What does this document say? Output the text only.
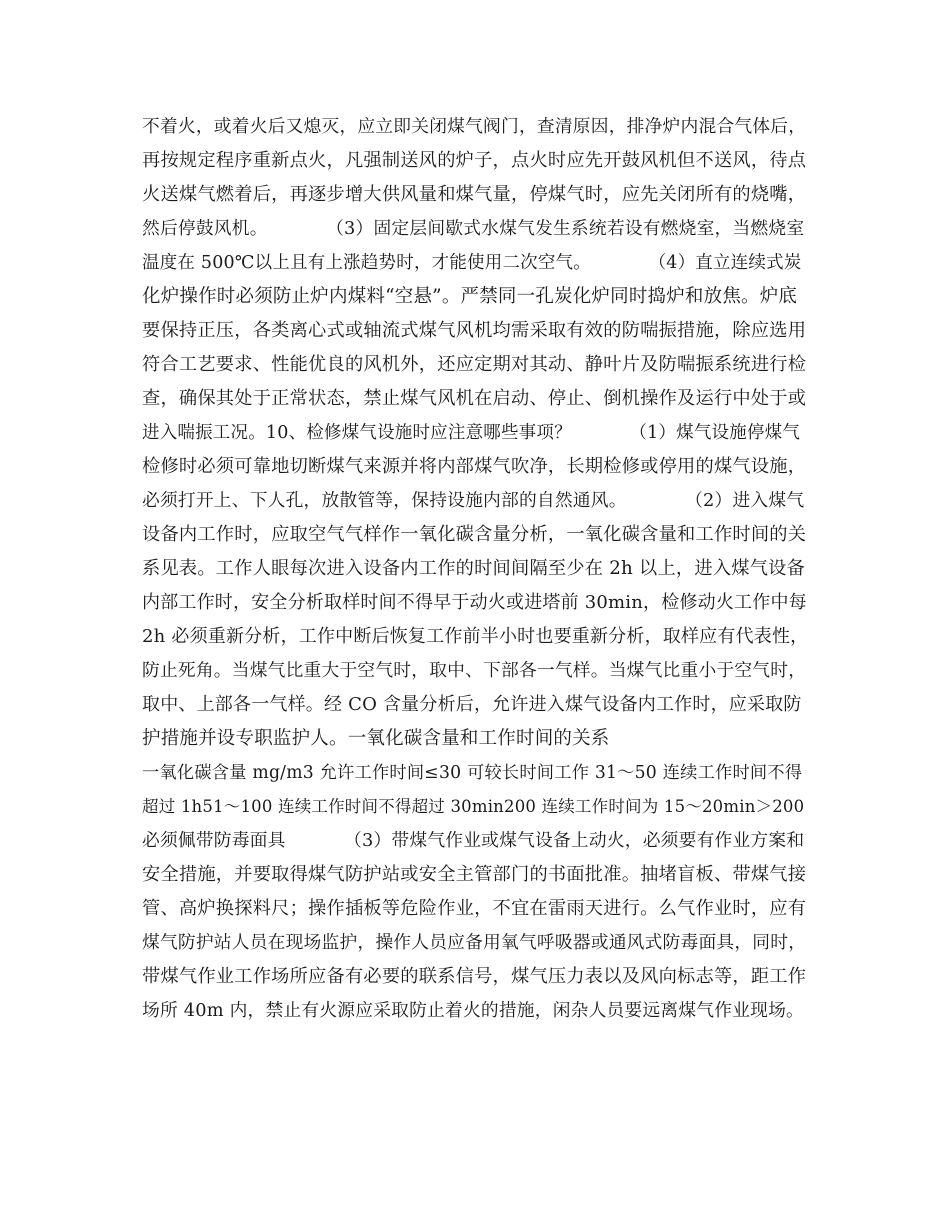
不着火，或着火后又熄灭，应立即关闭煤气阀门，查清原因，排净炉内混合气体后，
再按规定程序重新点火，凡强制送风的炉子，点火时应先开鼓风机但不送风，待点
火送煤气燃着后，再逐步增大供风量和煤气量，停煤气时，应先关闭所有的烧嘴，
然后停鼓风机。          （3）固定层间歇式水煤气发生系统若设有燃烧室，当燃烧室
温度在 500℃以上且有上涨趋势时，才能使用二次空气。          （4）直立连续式炭
化炉操作时必须防止炉内煤料“空悬”。严禁同一孔炭化炉同时捣炉和放焦。炉底
要保持正压，各类离心式或轴流式煤气风机均需采取有效的防喘振措施，除应选用
符合工艺要求、性能优良的风机外，还应定期对其动、静叶片及防喘振系统进行检
查，确保其处于正常状态，禁止煤气风机在启动、停止、倒机操作及运行中处于或
进入喘振工况。10、检修煤气设施时应注意哪些事项？          （1）煤气设施停煤气
检修时必须可靠地切断煤气来源并将内部煤气吹净，长期检修或停用的煤气设施，
必须打开上、下人孔，放散管等，保持设施内部的自然通风。          （2）进入煤气
设备内工作时，应取空气气样作一氧化碳含量分析，一氧化碳含量和工作时间的关
系见表。工作人眼每次进入设备内工作的时间间隔至少在 2h 以上，进入煤气设备
内部工作时，安全分析取样时间不得早于动火或进塔前 30min，检修动火工作中每
2h 必须重新分析，工作中断后恢复工作前半小时也要重新分析，取样应有代表性，
防止死角。当煤气比重大于空气时，取中、下部各一气样。当煤气比重小于空气时，
取中、上部各一气样。经 CO 含量分析后，允许进入煤气设备内工作时，应采取防
护措施并设专职监护人。一氧化碳含量和工作时间的关系
一氧化碳含量 mg/m3 允许工作时间≤30 可较长时间工作 31～50 连续工作时间不得
超过 1h51～100 连续工作时间不得超过 30min200 连续工作时间为 15～20min＞200
必须佩带防毒面具          （3）带煤气作业或煤气设备上动火，必须要有作业方案和
安全措施，并要取得煤气防护站或安全主管部门的书面批准。抽堵盲板、带煤气接
管、高炉换探料尺；操作插板等危险作业，不宜在雷雨天进行。么气作业时，应有
煤气防护站人员在现场监护，操作人员应备用氧气呼吸器或通风式防毒面具，同时，
带煤气作业工作场所应备有必要的联系信号，煤气压力表以及风向标志等，距工作
场所 40m 内，禁止有火源应采取防止着火的措施，闲杂人员要远离煤气作业现场。
